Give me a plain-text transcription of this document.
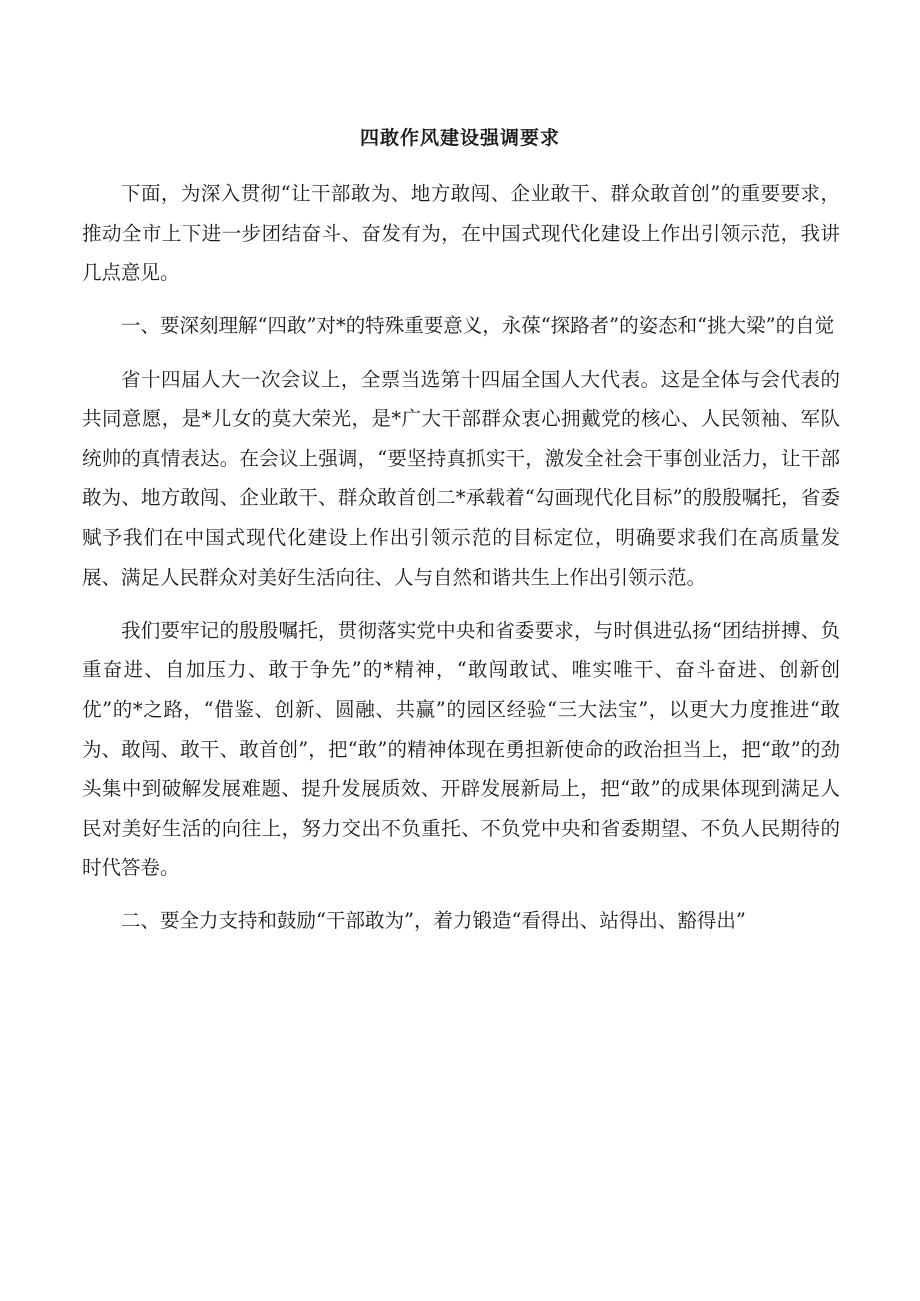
四敢作风建设强调要求

下面，为深入贯彻“让干部敢为、地方敢闯、企业敢干、群众敢首创”的重要要求，推动全市上下进一步团结奋斗、奋发有为，在中国式现代化建设上作出引领示范，我讲几点意见。

一、要深刻理解“四敢”对*的特殊重要意义，永葆“探路者”的姿态和“挑大梁”的自觉

省十四届人大一次会议上，全票当选第十四届全国人大代表。这是全体与会代表的共同意愿，是*儿女的莫大荣光，是*广大干部群众衷心拥戴党的核心、人民领袖、军队统帅的真情表达。在会议上强调，“要坚持真抓实干，激发全社会干事创业活力，让干部敢为、地方敢闯、企业敢干、群众敢首创二*承载着“勾画现代化目标”的殷殷嘱托，省委赋予我们在中国式现代化建设上作出引领示范的目标定位，明确要求我们在高质量发展、满足人民群众对美好生活向往、人与自然和谐共生上作出引领示范。

我们要牢记的殷殷嘱托，贯彻落实党中央和省委要求，与时俱进弘扬“团结拼搏、负重奋进、自加压力、敢于争先”的*精神，“敢闯敢试、唯实唯干、奋斗奋进、创新创优”的*之路，“借鉴、创新、圆融、共赢”的园区经验“三大法宝”，以更大力度推进“敢为、敢闯、敢干、敢首创”，把“敢”的精神体现在勇担新使命的政治担当上，把“敢”的劲头集中到破解发展难题、提升发展质效、开辟发展新局上，把“敢”的成果体现到满足人民对美好生活的向往上，努力交出不负重托、不负党中央和省委期望、不负人民期待的时代答卷。

二、要全力支持和鼓励“干部敢为”，着力锻造“看得出、站得出、豁得出”
